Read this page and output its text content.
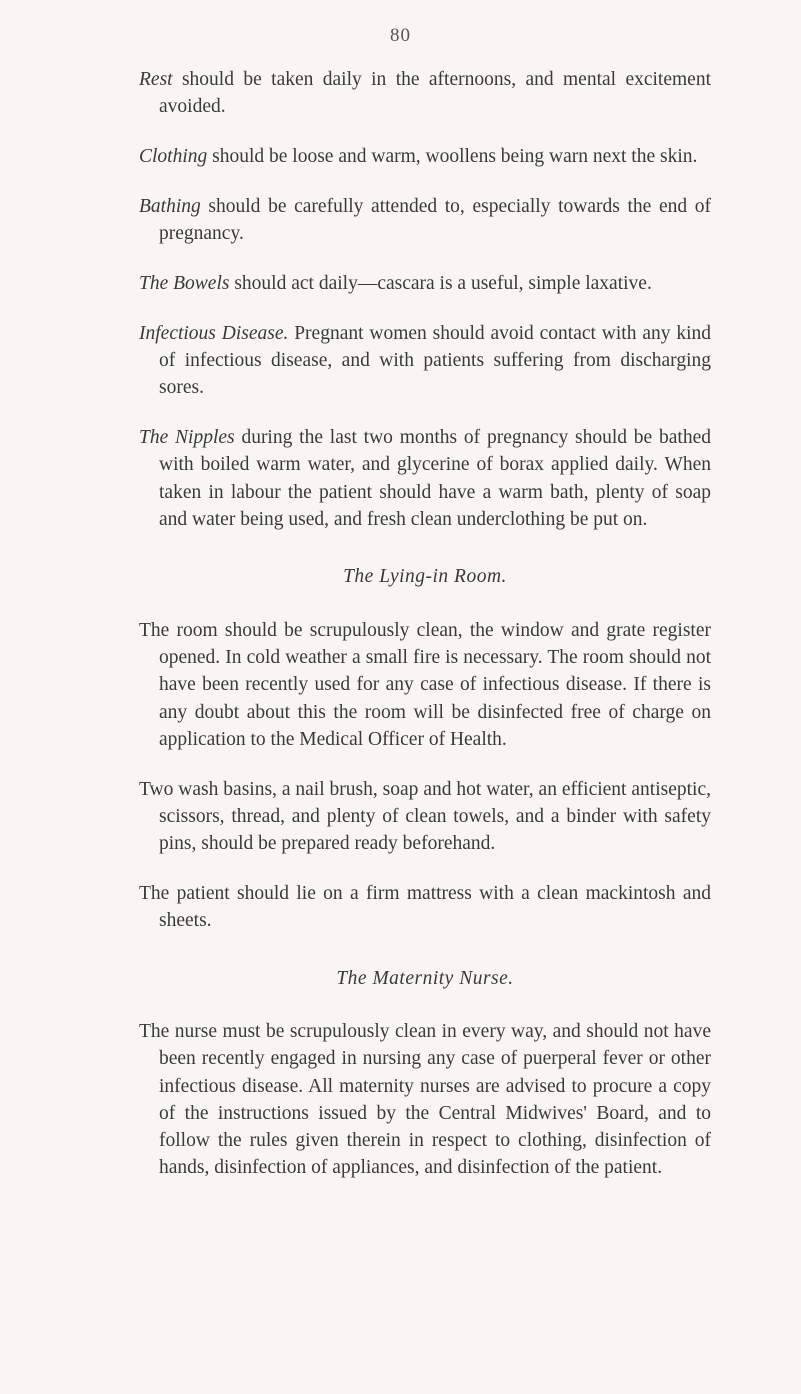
80

Rest should be taken daily in the afternoons, and mental excitement avoided.

Clothing should be loose and warm, woollens being warn next the skin.

Bathing should be carefully attended to, especially towards the end of pregnancy.

The Bowels should act daily—cascara is a useful, simple laxative.

Infectious Disease. Pregnant women should avoid contact with any kind of infectious disease, and with patients suffering from discharging sores.

The Nipples during the last two months of pregnancy should be bathed with boiled warm water, and glycerine of borax applied daily. When taken in labour the patient should have a warm bath, plenty of soap and water being used, and fresh clean underclothing be put on.

The Lying-in Room.

The room should be scrupulously clean, the window and grate register opened. In cold weather a small fire is necessary. The room should not have been recently used for any case of infectious disease. If there is any doubt about this the room will be disinfected free of charge on application to the Medical Officer of Health.

Two wash basins, a nail brush, soap and hot water, an efficient antiseptic, scissors, thread, and plenty of clean towels, and a binder with safety pins, should be prepared ready beforehand.

The patient should lie on a firm mattress with a clean mackintosh and sheets.

The Maternity Nurse.

The nurse must be scrupulously clean in every way, and should not have been recently engaged in nursing any case of puerperal fever or other infectious disease. All maternity nurses are advised to procure a copy of the instructions issued by the Central Midwives' Board, and to follow the rules given therein in respect to clothing, disinfection of hands, disinfection of appliances, and disinfection of the patient.
